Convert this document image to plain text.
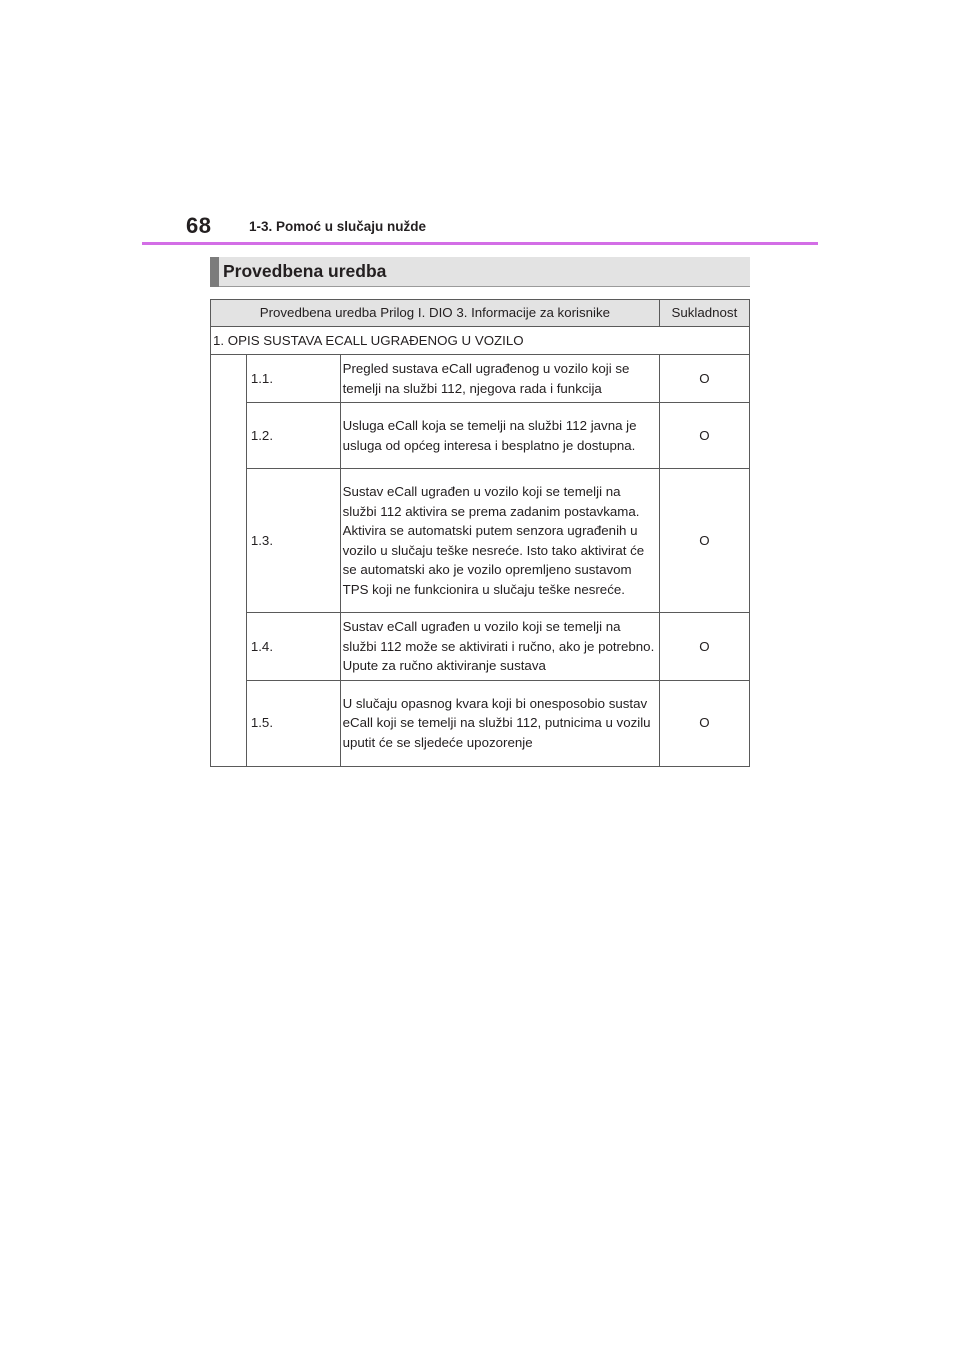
68	1-3. Pomoć u slučaju nužde
Provedbena uredba
Provedbena uredba Prilog I. DIO 3. Informacije za korisnike			Sukladnost
1. OPIS SUSTAVA ECALL UGRAĐENOG U VOZILO			
	1.1.	Pregled sustava eCall ugrađenog u vozilo koji se temelji na službi 112, njegova rada i funkcija	O
	1.2.	Usluga eCall koja se temelji na službi 112 javna je usluga od općeg interesa i besplatno je dostupna.	O
	1.3.	Sustav eCall ugrađen u vozilo koji se temelji na službi 112 aktivira se prema zadanim postavkama. Aktivira se automatski putem senzora ugrađenih u vozilo u slučaju teške nesreće. Isto tako aktivirat će se automatski ako je vozilo opremljeno sustavom TPS koji ne funkcionira u slučaju teške nesreće.	O
	1.4.	Sustav eCall ugrađen u vozilo koji se temelji na službi 112 može se aktivirati i ručno, ako je potrebno. Upute za ručno aktiviranje sustava	O
	1.5.	U slučaju opasnog kvara koji bi onesposobio sustav eCall koji se temelji na službi 112, putnicima u vozilu uputit će se sljedeće upozorenje	O
